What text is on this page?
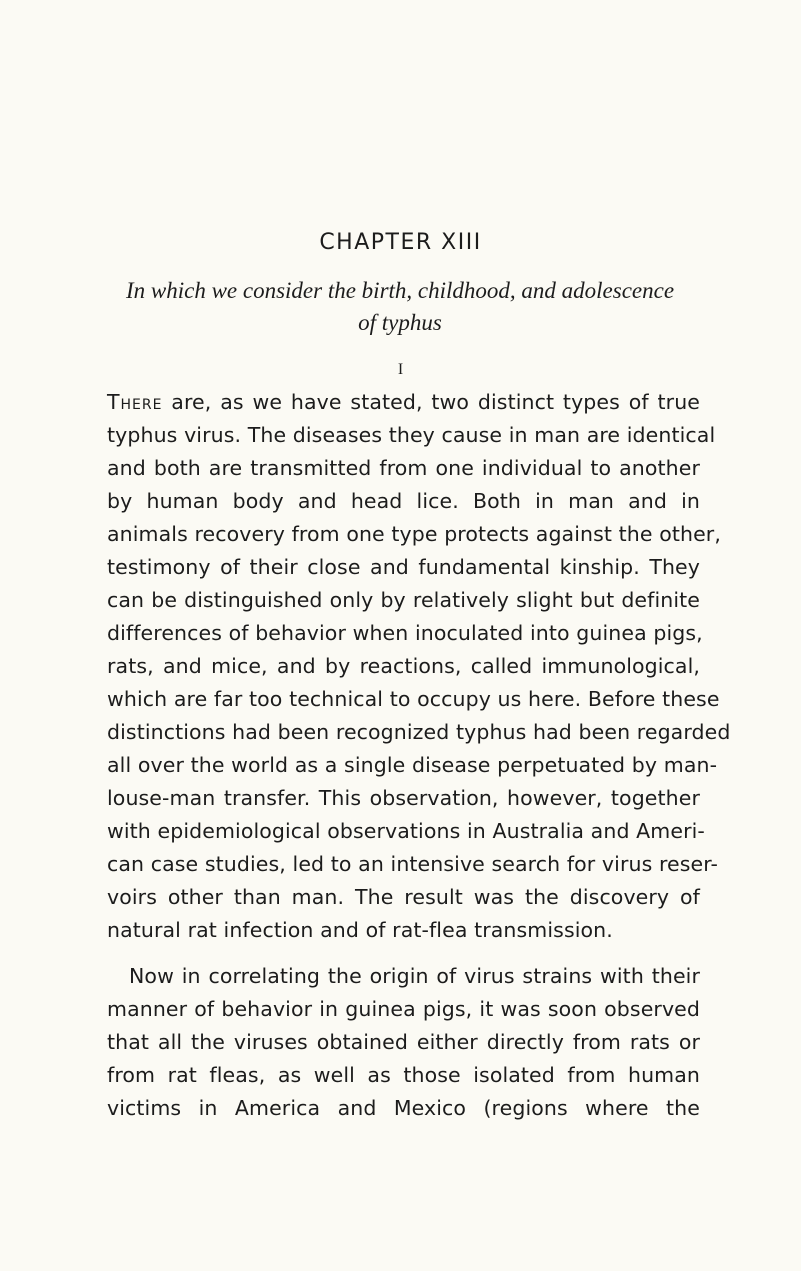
CHAPTER XIII
In which we consider the birth, childhood, and adolescence
of typhus
I
There are, as we have stated, two distinct types of true
typhus virus. The diseases they cause in man are identical
and both are transmitted from one individual to another
by human body and head lice. Both in man and in
animals recovery from one type protects against the other,
testimony of their close and fundamental kinship. They
can be distinguished only by relatively slight but definite
differences of behavior when inoculated into guinea pigs,
rats, and mice, and by reactions, called immunological,
which are far too technical to occupy us here. Before these
distinctions had been recognized typhus had been regarded
all over the world as a single disease perpetuated by man-
louse-man transfer. This observation, however, together
with epidemiological observations in Australia and Ameri-
can case studies, led to an intensive search for virus reser-
voirs other than man. The result was the discovery of
natural rat infection and of rat-flea transmission.
Now in correlating the origin of virus strains with their
manner of behavior in guinea pigs, it was soon observed
that all the viruses obtained either directly from rats or
from rat fleas, as well as those isolated from human
victims in America and Mexico (regions where the
